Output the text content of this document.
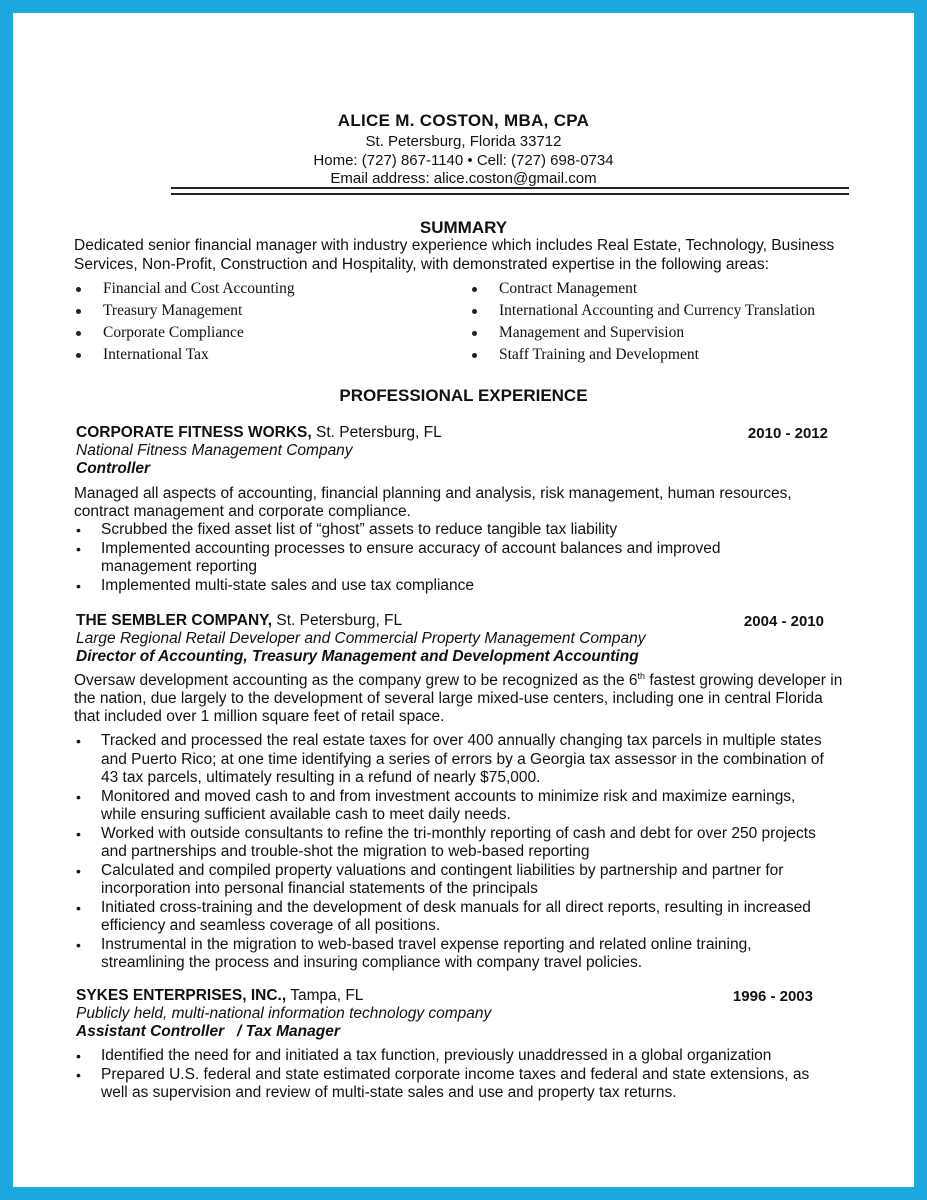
ALICE M. COSTON, MBA, CPA
St. Petersburg, Florida 33712
Home: (727) 867-1140 • Cell: (727) 698-0734
Email address: alice.coston@gmail.com
SUMMARY
Dedicated senior financial manager with industry experience which includes Real Estate, Technology, Business
Services, Non-Profit, Construction and Hospitality, with demonstrated expertise in the following areas:
Financial and Cost Accounting
Treasury Management
Corporate Compliance
International Tax
Contract Management
International Accounting and Currency Translation
Management and Supervision
Staff Training and Development
PROFESSIONAL EXPERIENCE
CORPORATE FITNESS WORKS, St. Petersburg, FL	2010 - 2012
National Fitness Management Company
Controller
Managed all aspects of accounting, financial planning and analysis, risk management, human resources,
contract management and corporate compliance.
• Scrubbed the fixed asset list of “ghost” assets to reduce tangible tax liability
• Implemented accounting processes to ensure accuracy of account balances and improved management reporting
• Implemented multi-state sales and use tax compliance
THE SEMBLER COMPANY, St. Petersburg, FL	2004 - 2010
Large Regional Retail Developer and Commercial Property Management Company
Director of Accounting, Treasury Management and Development Accounting
Oversaw development accounting as the company grew to be recognized as the 6th fastest growing developer in
the nation, due largely to the development of several large mixed-use centers, including one in central Florida
that included over 1 million square feet of retail space.
• Tracked and processed the real estate taxes for over 400 annually changing tax parcels in multiple states and Puerto Rico; at one time identifying a series of errors by a Georgia tax assessor in the combination of 43 tax parcels, ultimately resulting in a refund of nearly $75,000.
• Monitored and moved cash to and from investment accounts to minimize risk and maximize earnings, while ensuring sufficient available cash to meet daily needs.
• Worked with outside consultants to refine the tri-monthly reporting of cash and debt for over 250 projects and partnerships and trouble-shot the migration to web-based reporting
• Calculated and compiled property valuations and contingent liabilities by partnership and partner for incorporation into personal financial statements of the principals
• Initiated cross-training and the development of desk manuals for all direct reports, resulting in increased efficiency and seamless coverage of all positions.
• Instrumental in the migration to web-based travel expense reporting and related online training, streamlining the process and insuring compliance with company travel policies.
SYKES ENTERPRISES, INC., Tampa, FL	1996 - 2003
Publicly held, multi-national information technology company
Assistant Controller   / Tax Manager
• Identified the need for and initiated a tax function, previously unaddressed in a global organization
• Prepared U.S. federal and state estimated corporate income taxes and federal and state extensions, as well as supervision and review of multi-state sales and use and property tax returns.
